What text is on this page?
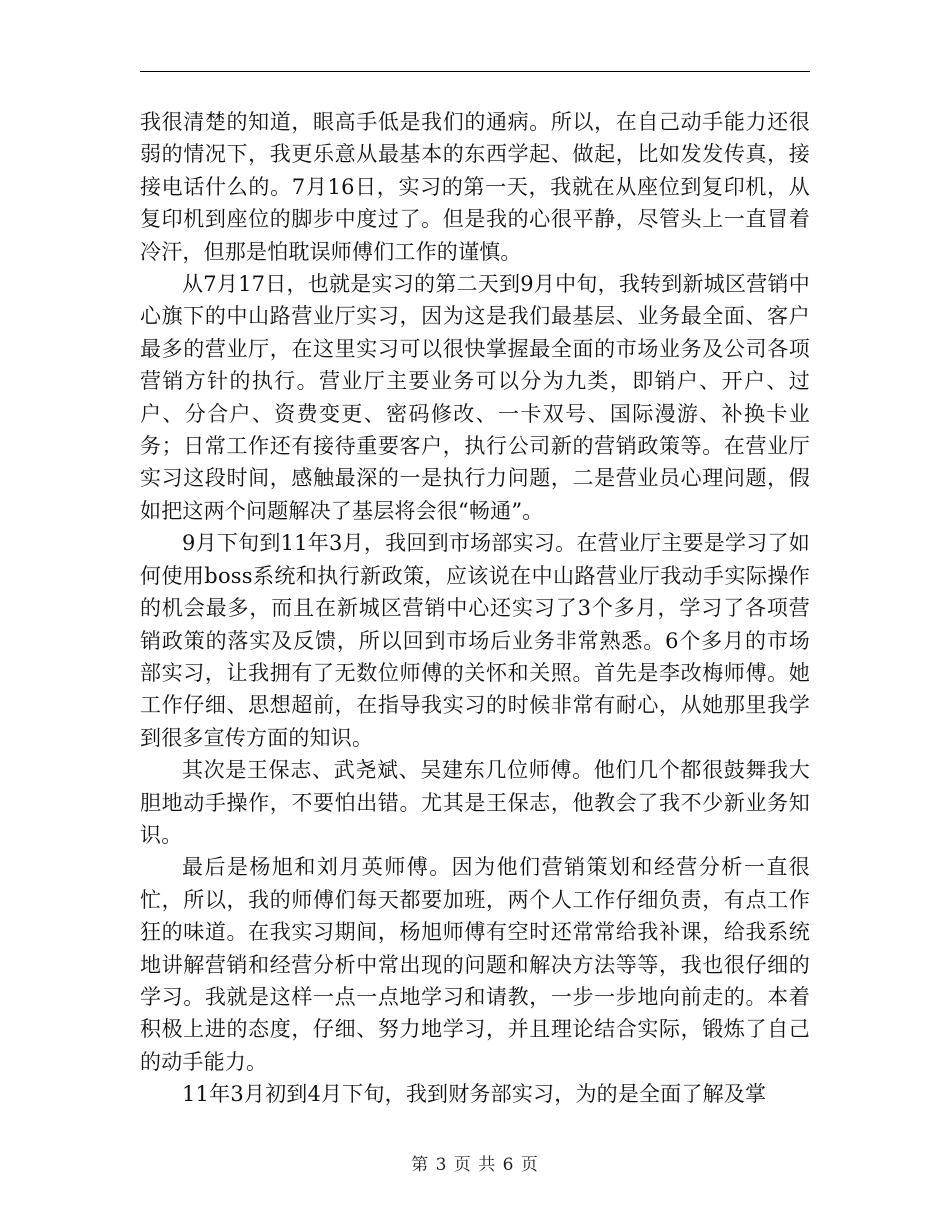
我很清楚的知道，眼高手低是我们的通病。所以，在自己动手能力还很弱的情况下，我更乐意从最基本的东西学起、做起，比如发发传真，接接电话什么的。7月16日，实习的第一天，我就在从座位到复印机，从复印机到座位的脚步中度过了。但是我的心很平静，尽管头上一直冒着冷汗，但那是怕耽误师傅们工作的谨慎。

从7月17日，也就是实习的第二天到9月中旬，我转到新城区营销中心旗下的中山路营业厅实习，因为这是我们最基层、业务最全面、客户最多的营业厅，在这里实习可以很快掌握最全面的市场业务及公司各项营销方针的执行。营业厅主要业务可以分为九类，即销户、开户、过户、分合户、资费变更、密码修改、一卡双号、国际漫游、补换卡业务；日常工作还有接待重要客户，执行公司新的营销政策等。在营业厅实习这段时间，感触最深的一是执行力问题，二是营业员心理问题，假如把这两个问题解决了基层将会很“畅通”。

9月下旬到11年3月，我回到市场部实习。在营业厅主要是学习了如何使用boss系统和执行新政策，应该说在中山路营业厅我动手实际操作的机会最多，而且在新城区营销中心还实习了3个多月，学习了各项营销政策的落实及反馈，所以回到市场后业务非常熟悉。6个多月的市场部实习，让我拥有了无数位师傅的关怀和关照。首先是李改梅师傅。她工作仔细、思想超前，在指导我实习的时候非常有耐心，从她那里我学到很多宣传方面的知识。

其次是王保志、武尧斌、吴建东几位师傅。他们几个都很鼓舞我大胆地动手操作，不要怕出错。尤其是王保志，他教会了我不少新业务知识。

最后是杨旭和刘月英师傅。因为他们营销策划和经营分析一直很忙，所以，我的师傅们每天都要加班，两个人工作仔细负责，有点工作狂的味道。在我实习期间，杨旭师傅有空时还常常给我补课，给我系统地讲解营销和经营分析中常出现的问题和解决方法等等，我也很仔细的学习。我就是这样一点一点地学习和请教，一步一步地向前走的。本着积极上进的态度，仔细、努力地学习，并且理论结合实际，锻炼了自己的动手能力。

11年3月初到4月下旬，我到财务部实习，为的是全面了解及掌

第 3 页 共 6 页
